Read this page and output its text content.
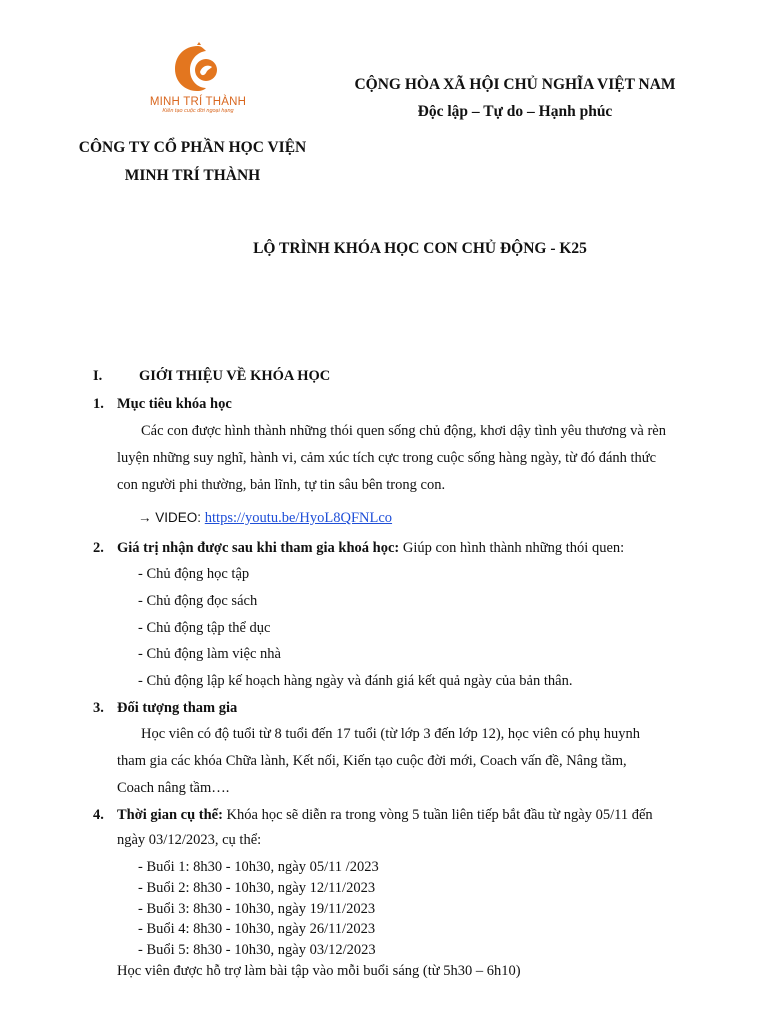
MINH TRÍ THÀNH
Kiến tạo cuộc đời ngoại hạng
CỘNG HÒA XÃ HỘI CHỦ NGHĨA VIỆT NAM
Độc lập – Tự do – Hạnh phúc
CÔNG TY CỔ PHẦN HỌC VIỆN
MINH TRÍ THÀNH
LỘ TRÌNH KHÓA HỌC CON CHỦ ĐỘNG - K25
I.	GIỚI THIỆU VỀ KHÓA HỌC
1. Mục tiêu khóa học
Các con được hình thành những thói quen sống chủ động, khơi dậy tình yêu thương và rèn
luyện những suy nghĩ, hành vi, cảm xúc tích cực trong cuộc sống hàng ngày, từ đó đánh thức
con người phi thường, bản lĩnh, tự tin sâu bên trong con.
→ VIDEO: https://youtu.be/HyoL8QFNLco
2. Giá trị nhận được sau khi tham gia khoá học: Giúp con hình thành những thói quen:
- Chủ động học tập
- Chủ động đọc sách
- Chủ động tập thể dục
- Chủ động làm việc nhà
- Chủ động lập kế hoạch hàng ngày và đánh giá kết quả ngày của bản thân.
3. Đối tượng tham gia
Học viên có độ tuổi từ 8 tuổi đến 17 tuổi (từ lớp 3 đến lớp 12), học viên có phụ huynh
tham gia các khóa Chữa lành, Kết nối, Kiến tạo cuộc đời mới, Coach vấn đề, Nâng tầm,
Coach nâng tầm….
4. Thời gian cụ thể: Khóa học sẽ diễn ra trong vòng 5 tuần liên tiếp bắt đầu từ ngày 05/11 đến
ngày 03/12/2023, cụ thể:
- Buổi 1: 8h30 - 10h30, ngày 05/11 /2023
- Buổi 2: 8h30 - 10h30, ngày 12/11/2023
- Buổi 3: 8h30 - 10h30, ngày 19/11/2023
- Buổi 4: 8h30 - 10h30, ngày 26/11/2023
- Buổi 5: 8h30 - 10h30, ngày 03/12/2023
Học viên được hỗ trợ làm bài tập vào mỗi buổi sáng (từ 5h30 – 6h10)
